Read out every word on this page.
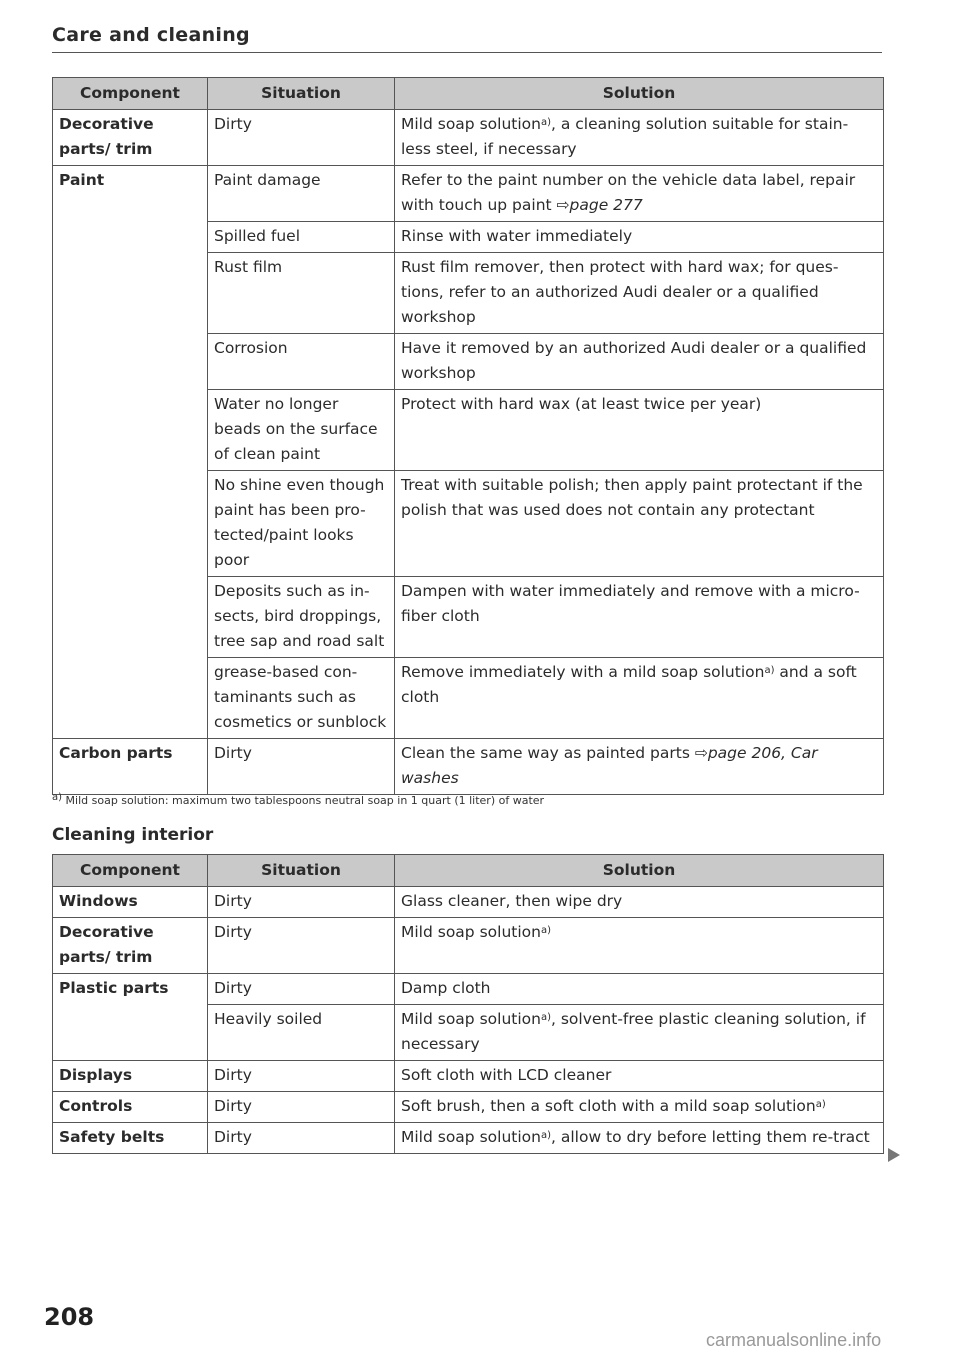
Care and cleaning
Component	Situation	Solution
Decorative parts/ trim	Dirty	Mild soap solution$^{a)}$, a cleaning solution suitable for stain-less steel, if necessary
Paint	Paint damage	Refer to the paint number on the vehicle data label, repair with touch up paint ⇨page 277
	Spilled fuel	Rinse with water immediately
	Rust film	Rust film remover, then protect with hard wax; for ques-tions, refer to an authorized Audi dealer or a qualified workshop
	Corrosion	Have it removed by an authorized Audi dealer or a qualified workshop
	Water no longer beads on the surface of clean paint	Protect with hard wax (at least twice per year)
	No shine even though paint has been pro-tected/paint looks poor	Treat with suitable polish; then apply paint protectant if the polish that was used does not contain any protectant
	Deposits such as in-sects, bird droppings, tree sap and road salt	Dampen with water immediately and remove with a micro-fiber cloth
	grease-based con-taminants such as cosmetics or sunblock	Remove immediately with a mild soap solution$^{a)}$ and a soft cloth
Carbon parts	Dirty	Clean the same way as painted parts ⇨page 206, Car washes
a) Mild soap solution: maximum two tablespoons neutral soap in 1 quart (1 liter) of water
Cleaning interior
Component	Situation	Solution
Windows	Dirty	Glass cleaner, then wipe dry
Decorative parts/ trim	Dirty	Mild soap solution$^{a)}$
Plastic parts	Dirty	Damp cloth
	Heavily soiled	Mild soap solution$^{a)}$, solvent-free plastic cleaning solution, if necessary
Displays	Dirty	Soft cloth with LCD cleaner
Controls	Dirty	Soft brush, then a soft cloth with a mild soap solution$^{a)}$
Safety belts	Dirty	Mild soap solution$^{a)}$, allow to dry before letting them re-tract
208
carmanualsonline.info
